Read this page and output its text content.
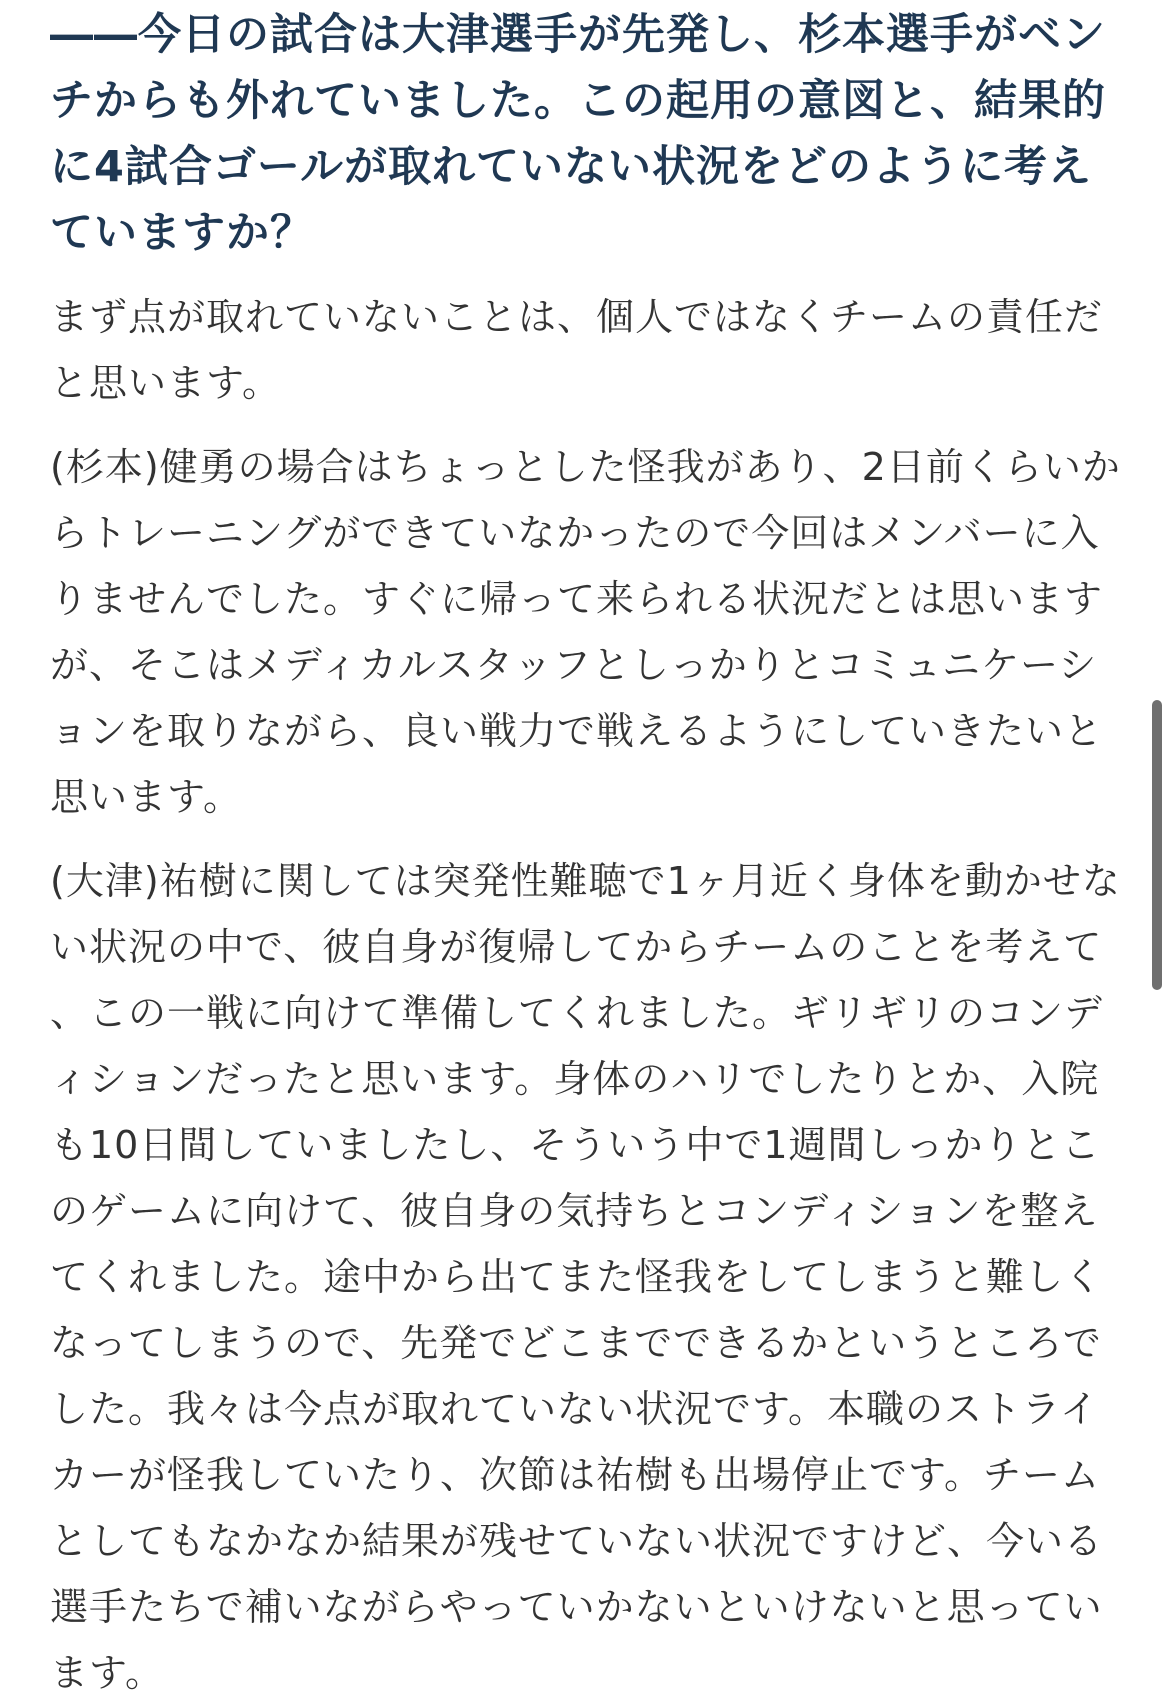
――今日の試合は大津選手が先発し、杉本選手がベンチからも外れていました。この起用の意図と、結果的に4試合ゴールが取れていない状況をどのように考えていますか？

まず点が取れていないことは、個人ではなくチームの責任だと思います。

(杉本)健勇の場合はちょっとした怪我があり、2日前くらいからトレーニングができていなかったので今回はメンバーに入りませんでした。すぐに帰って来られる状況だとは思いますが、そこはメディカルスタッフとしっかりとコミュニケーションを取りながら、良い戦力で戦えるようにしていきたいと思います。

(大津)祐樹に関しては突発性難聴で1ヶ月近く身体を動かせない状況の中で、彼自身が復帰してからチームのことを考えて、この一戦に向けて準備してくれました。ギリギリのコンディションだったと思います。身体のハリでしたりとか、入院も10日間していましたし、そういう中で1週間しっかりとこのゲームに向けて、彼自身の気持ちとコンディションを整えてくれました。途中から出てまた怪我をしてしまうと難しくなってしまうので、先発でどこまでできるかというところでした。我々は今点が取れていない状況です。本職のストライカーが怪我していたり、次節は祐樹も出場停止です。チームとしてもなかなか結果が残せていない状況ですけど、今いる選手たちで補いながらやっていかないといけないと思っています。
